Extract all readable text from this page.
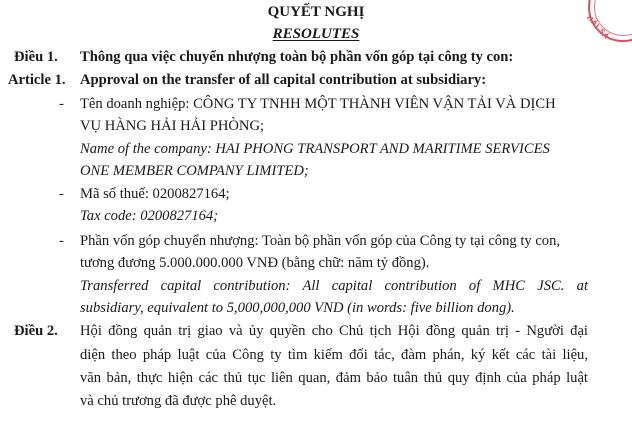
HẢI SẢ
QUYẾT NGHỊ
RESOLUTES
Điều 1. Thông qua việc chuyển nhượng toàn bộ phần vốn góp tại công ty con:
Article 1. Approval on the transfer of all capital contribution at subsidiary:
- Tên doanh nghiệp: CÔNG TY TNHH MỘT THÀNH VIÊN VẬN TẢI VÀ DỊCH
VỤ HÀNG HẢI HẢI PHÒNG;
Name of the company: HAI PHONG TRANSPORT AND MARITIME SERVICES
ONE MEMBER COMPANY LIMITED;
- Mã số thuế: 0200827164;
Tax code: 0200827164;
- Phần vốn góp chuyển nhượng: Toàn bộ phần vốn góp của Công ty tại công ty con,
tương đương 5.000.000.000 VNĐ (bằng chữ: năm tỷ đồng).
Transferred capital contribution: All capital contribution of MHC JSC. at
subsidiary, equivalent to 5,000,000,000 VND (in words: five billion dong).
Điều 2. Hội đồng quản trị giao và ủy quyền cho Chủ tịch Hội đồng quản trị - Người đại
diện theo pháp luật của Công ty tìm kiếm đối tác, đàm phán, ký kết các tài liệu,
văn bản, thực hiện các thủ tục liên quan, đảm bảo tuân thủ quy định của pháp luật
và chủ trương đã được phê duyệt.
